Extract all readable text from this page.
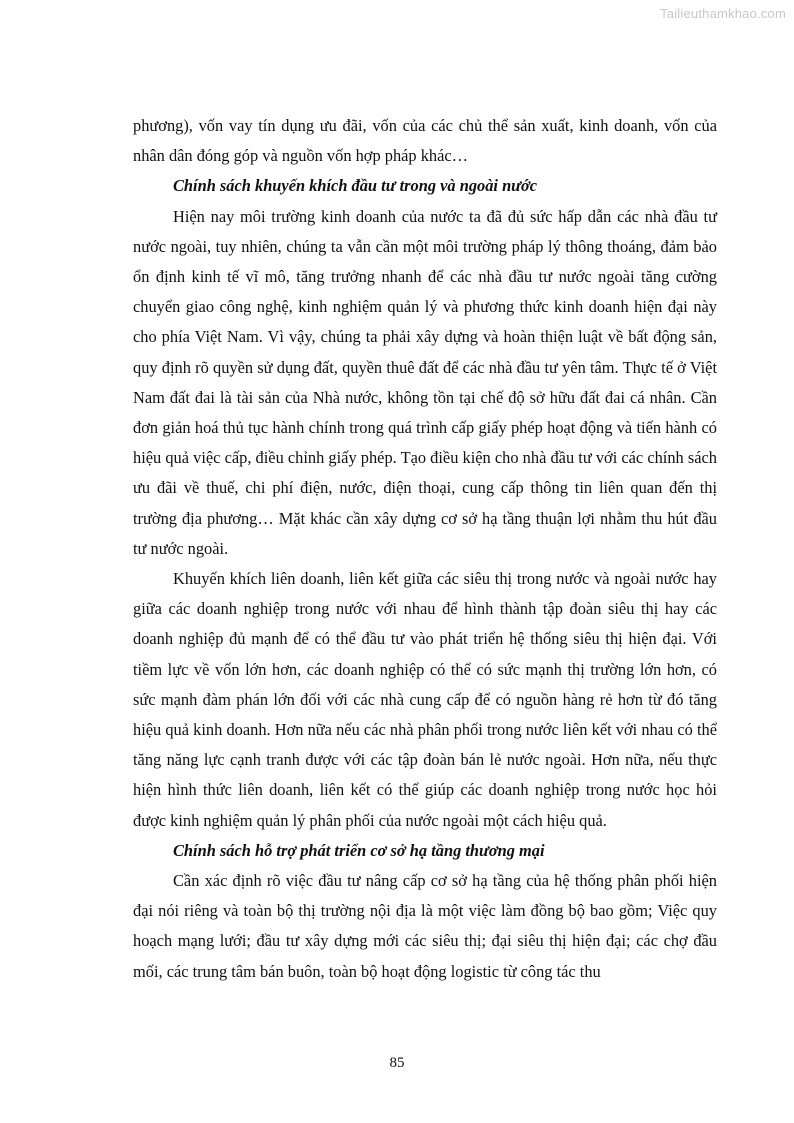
Tailieuthamkhao.com

phương), vốn vay tín dụng ưu đãi, vốn của các chủ thể sản xuất, kinh doanh, vốn của nhân dân đóng góp và nguồn vốn hợp pháp khác…

Chính sách khuyến khích đầu tư trong và ngoài nước

Hiện nay môi trường kinh doanh của nước ta đã đủ sức hấp dẫn các nhà đầu tư nước ngoài, tuy nhiên, chúng ta vẫn cần một môi trường pháp lý thông thoáng, đảm bảo ổn định kinh tế vĩ mô, tăng trưởng nhanh để các nhà đầu tư nước ngoài tăng cường chuyển giao công nghệ, kinh nghiệm quản lý và phương thức kinh doanh hiện đại này cho phía Việt Nam. Vì vậy, chúng ta phải xây dựng và hoàn thiện luật về bất động sản, quy định rõ quyền sử dụng đất, quyền thuê đất để các nhà đầu tư yên tâm. Thực tế ở Việt Nam đất đai là tài sản của Nhà nước, không tồn tại chế độ sở hữu đất đai cá nhân. Cần đơn giản hoá thủ tục hành chính trong quá trình cấp giấy phép hoạt động và tiến hành có hiệu quả việc cấp, điều chỉnh giấy phép. Tạo điều kiện cho nhà đầu tư với các chính sách ưu đãi về thuế, chi phí điện, nước, điện thoại, cung cấp thông tin liên quan đến thị trường địa phương… Mặt khác cần xây dựng cơ sở hạ tầng thuận lợi nhằm thu hút đầu tư nước ngoài.

Khuyến khích liên doanh, liên kết giữa các siêu thị trong nước và ngoài nước hay giữa các doanh nghiệp trong nước với nhau để hình thành tập đoàn siêu thị hay các doanh nghiệp đủ mạnh để có thể đầu tư vào phát triển hệ thống siêu thị hiện đại. Với tiềm lực về vốn lớn hơn, các doanh nghiệp có thể có sức mạnh thị trường lớn hơn, có sức mạnh đàm phán lớn đối với các nhà cung cấp để có nguồn hàng rẻ hơn từ đó tăng hiệu quả kinh doanh. Hơn nữa nếu các nhà phân phối trong nước liên kết với nhau có thể tăng năng lực cạnh tranh được với các tập đoàn bán lẻ nước ngoài. Hơn nữa, nếu thực hiện hình thức liên doanh, liên kết có thể giúp các doanh nghiệp trong nước học hỏi được kinh nghiệm quản lý phân phối của nước ngoài một cách hiệu quả.

Chính sách hỗ trợ phát triển cơ sở hạ tầng thương mại

Cần xác định rõ việc đầu tư nâng cấp cơ sở hạ tầng của hệ thống phân phối hiện đại nói riêng và toàn bộ thị trường nội địa là một việc làm đồng bộ bao gồm; Việc quy hoạch mạng lưới; đầu tư xây dựng mới các siêu thị; đại siêu thị hiện đại; các chợ đầu mối, các trung tâm bán buôn, toàn bộ hoạt động logistic từ công tác thu

85
